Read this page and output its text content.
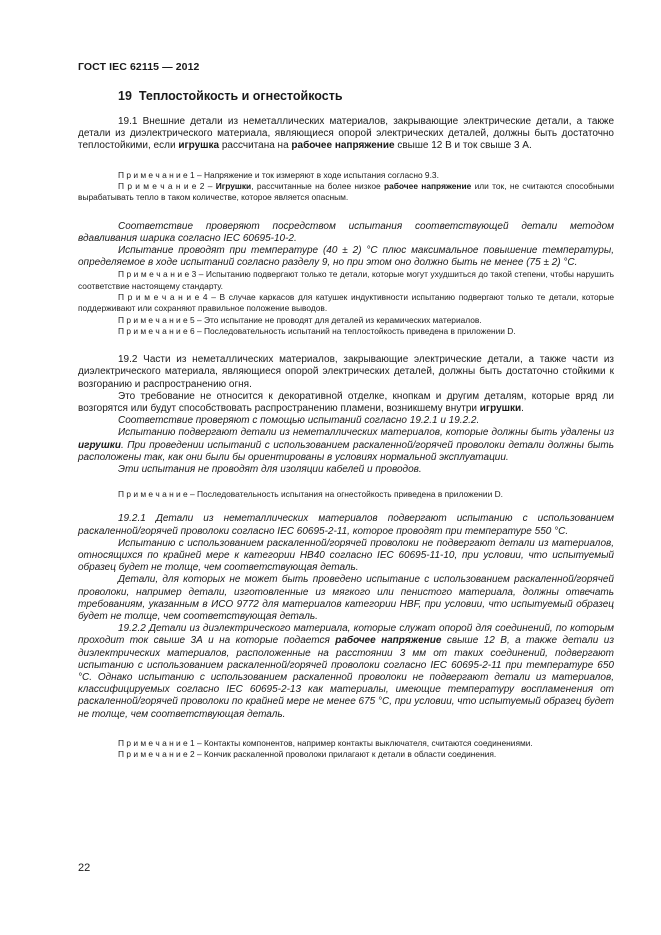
ГОСТ IEC 62115 — 2012
19 Теплостойкость и огнестойкость

19.1 Внешние детали из неметаллических материалов, закрывающие электрические детали, а также детали из диэлектрического материала, являющиеся опорой электрических деталей, должны быть достаточно теплостойкими, если игрушка рассчитана на рабочее напряжение свыше 12 В и ток свыше 3 А.

П р и м е ч а н и е 1 – Напряжение и ток измеряют в ходе испытания согласно 9.3.

П р и м е ч а н и е 2 – Игрушки, рассчитанные на более низкое рабочее напряжение или ток, не считаются способными вырабатывать тепло в таком количестве, которое является опасным.

Соответствие проверяют посредством испытания соответствующей детали методом вдавливания шарика согласно IEC 60695-10-2.

Испытание проводят при температуре (40 ± 2) °С плюс максимальное повышение температуры, определяемое в ходе испытаний согласно разделу 9, но при этом оно должно быть не менее (75 ± 2) °С.

П р и м е ч а н и е 3 – Испытанию подвергают только те детали, которые могут ухудшиться до такой степени, чтобы нарушить соответствие настоящему стандарту.

П р и м е ч а н и е 4 – В случае каркасов для катушек индуктивности испытанию подвергают только те детали, которые поддерживают или сохраняют правильное положение выводов.

П р и м е ч а н и е 5 – Это испытание не проводят для деталей из керамических материалов.

П р и м е ч а н и е 6 – Последовательность испытаний на теплостойкость приведена в приложении D.

19.2 Части из неметаллических материалов, закрывающие электрические детали, а также части из диэлектрического материала, являющиеся опорой электрических деталей, должны быть достаточно стойкими к возгоранию и распространению огня.

Это требование не относится к декоративной отделке, кнопкам и другим деталям, которые вряд ли возгорятся или будут способствовать распространению пламени, возникшему внутри игрушки.

Соответствие проверяют с помощью испытаний согласно 19.2.1 и 19.2.2.

Испытанию подвергают детали из неметаллических материалов, которые должны быть удалены из игрушки. При проведении испытаний с использованием раскаленной/горячей проволоки детали должны быть расположены так, как они были бы ориентированы в условиях нормальной эксплуатации.

Эти испытания не проводят для изоляции кабелей и проводов.

П р и м е ч а н и е – Последовательность испытания на огнестойкость приведена в приложении D.

19.2.1 Детали из неметаллических материалов подвергают испытанию с использованием раскаленной/горячей проволоки согласно IEC 60695-2-11, которое проводят при температуре 550 °С.

Испытанию с использованием раскаленной/горячей проволоки не подвергают детали из материалов, относящихся по крайней мере к категории HB40 согласно IEC 60695-11-10, при условии, что испытуемый образец будет не толще, чем соответствующая деталь.

Детали, для которых не может быть проведено испытание с использованием раскаленной/горячей проволоки, например детали, изготовленные из мягкого или пенистого материала, должны отвечать требованиям, указанным в ИСО 9772 для материалов категории HBF, при условии, что испытуемый образец будет не толще, чем соответствующая деталь.

19.2.2 Детали из диэлектрического материала, которые служат опорой для соединений, по которым проходит ток свыше 3А и на которые подается рабочее напряжение свыше 12 В, а также детали из диэлектрических материалов, расположенные на расстоянии 3 мм от таких соединений, подвергают испытанию с использованием раскаленной/горячей проволоки согласно IEC 60695-2-11 при температуре 650 °С. Однако испытанию с использованием раскаленной проволоки не подвергают детали из материалов, классифицируемых согласно IEC 60695-2-13 как материалы, имеющие температуру воспламенения от раскаленной/горячей проволоки по крайней мере не менее 675 °С, при условии, что испытуемый образец будет не толще, чем соответствующая деталь.

П р и м е ч а н и е 1 – Контакты компонентов, например контакты выключателя, считаются соединениями.

П р и м е ч а н и е 2 – Кончик раскаленной проволоки прилагают к детали в области соединения.

22
